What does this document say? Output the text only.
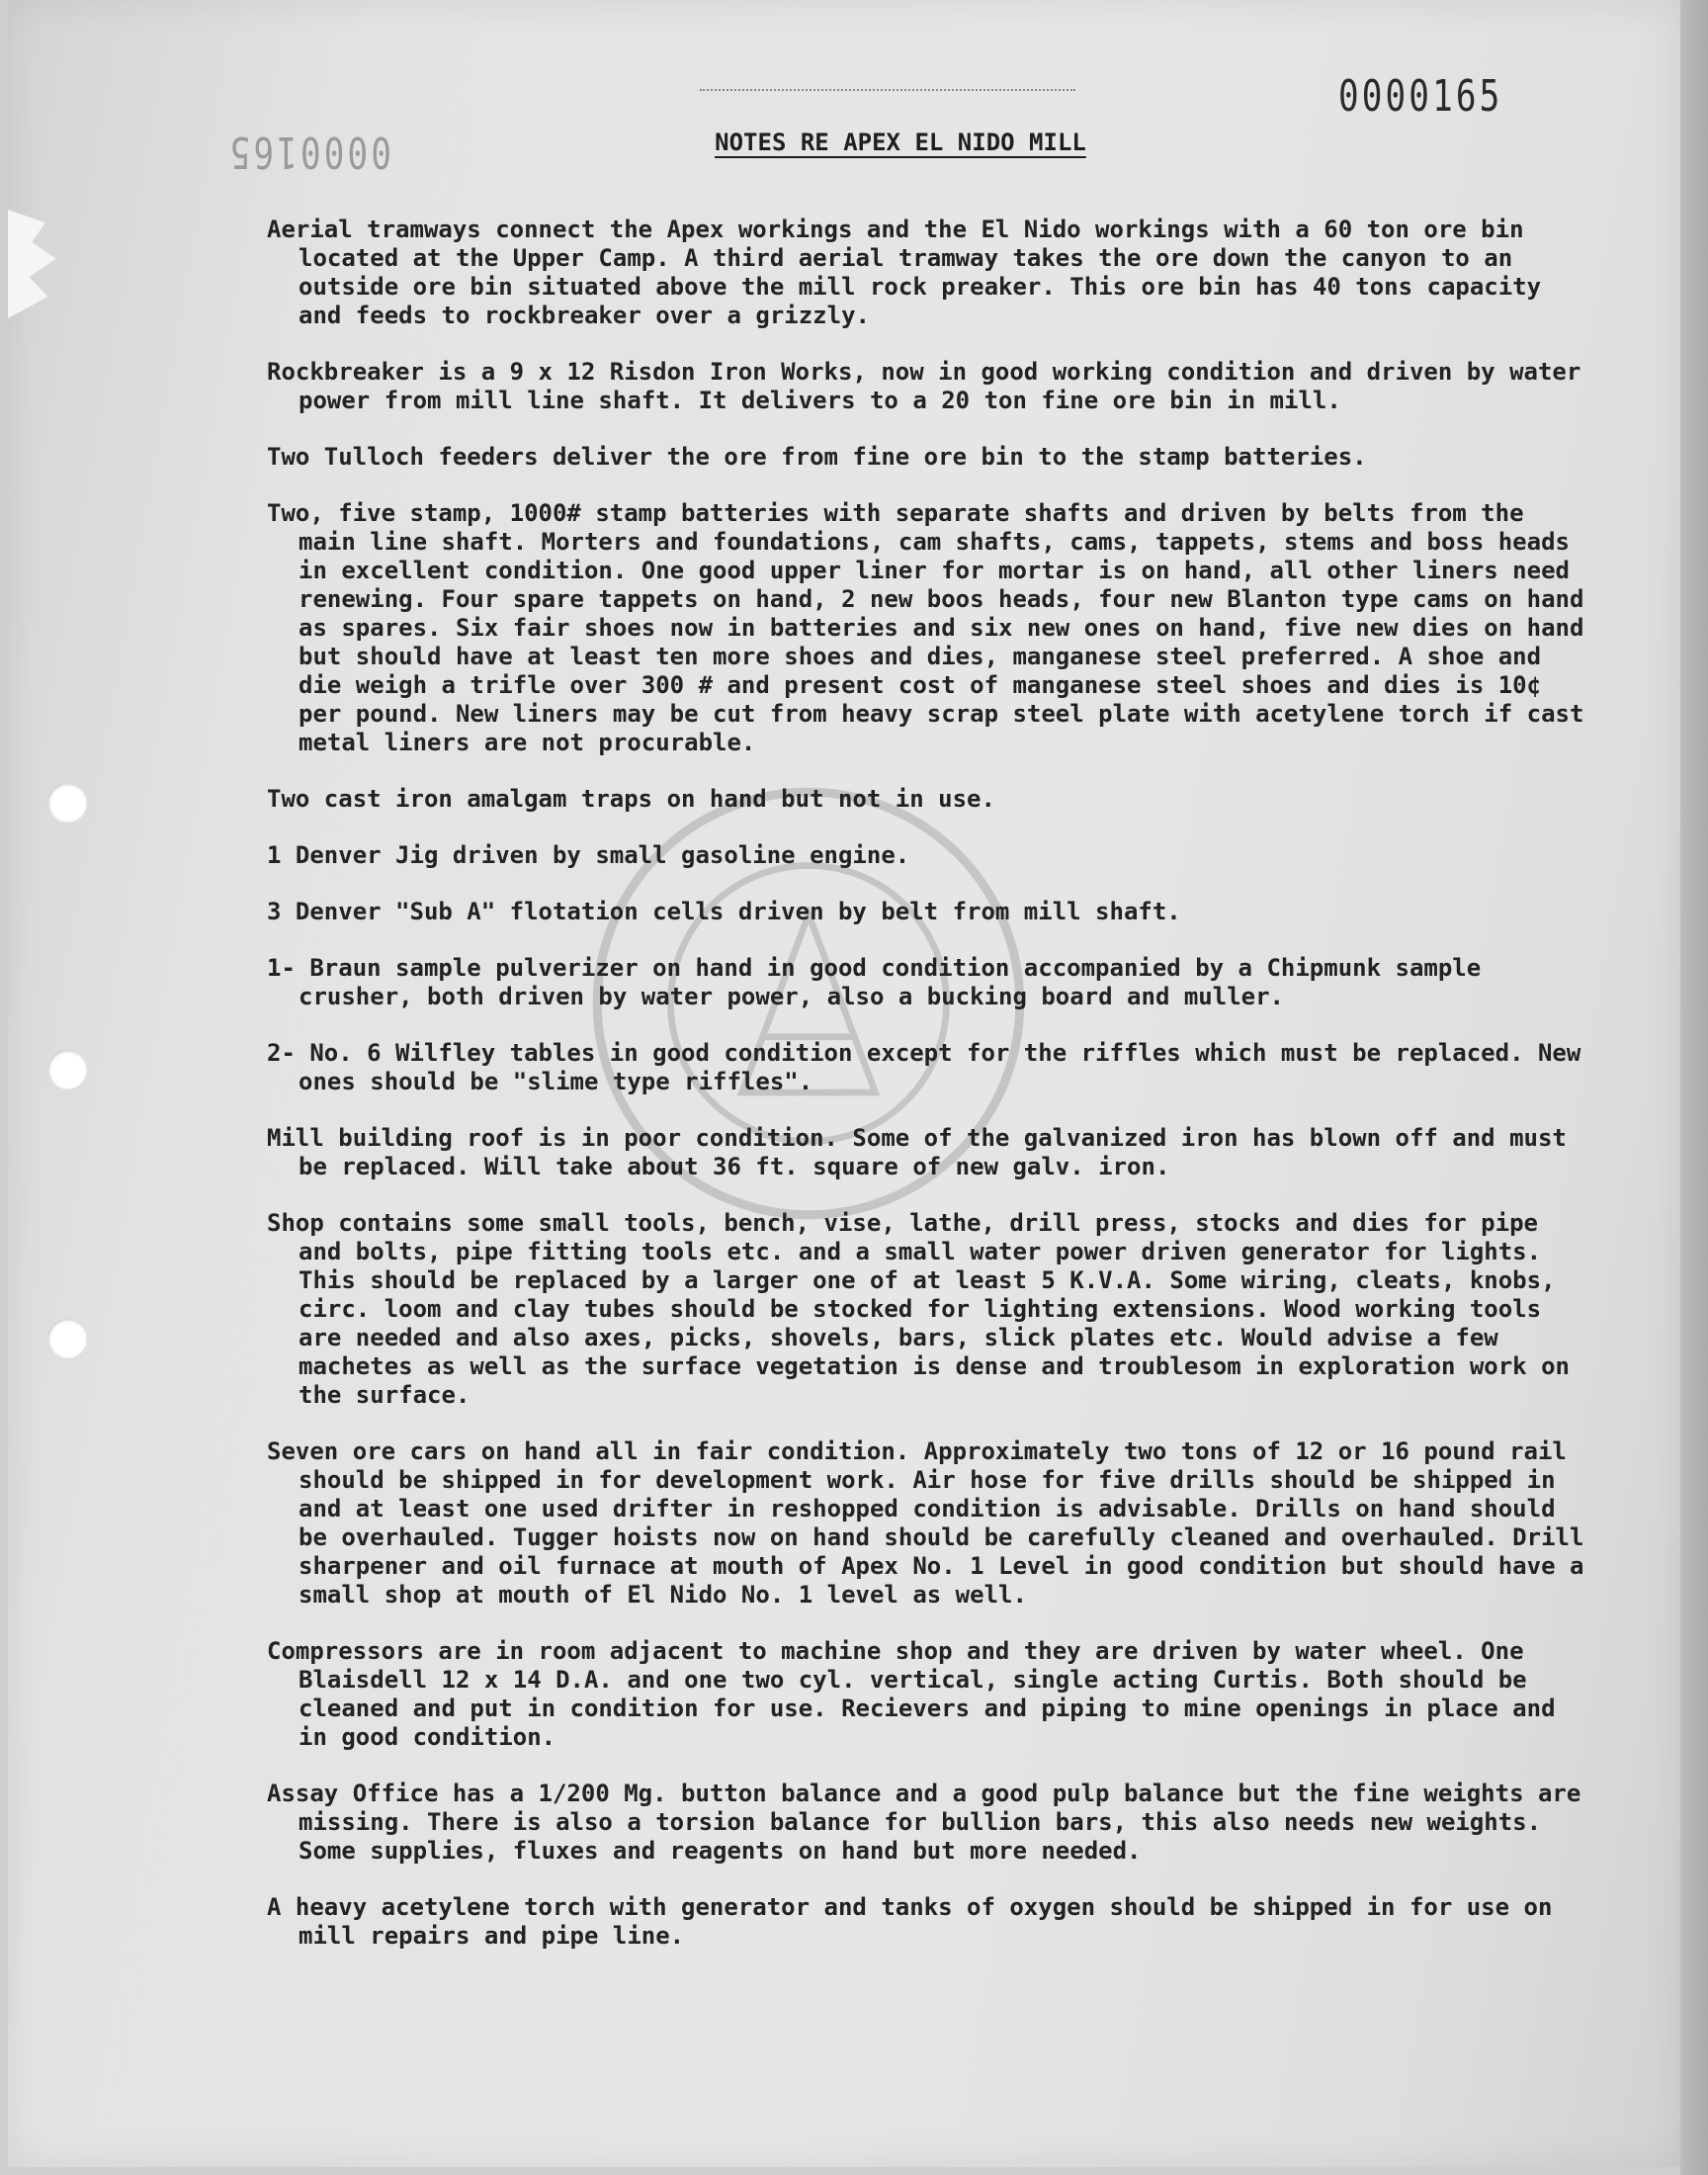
0000165
0000165	NOTES RE APEX EL NIDO MILL

Aerial tramways connect the Apex workings and the El Nido workings with a 60 ton ore bin located at the Upper Camp. A third aerial tramway takes the ore down the canyon to an outside ore bin situated above the mill rock preaker. This ore bin has 40 tons capacity and feeds to rockbreaker over a grizzly.

Rockbreaker is a 9 x 12 Risdon Iron Works, now in good working condition and driven by water power from mill line shaft. It delivers to a 20 ton fine ore bin in mill.

Two Tulloch feeders deliver the ore from fine ore bin to the stamp batteries.

Two, five stamp, 1000# stamp batteries with separate shafts and driven by belts from the main line shaft. Morters and foundations, cam shafts, cams, tappets, stems and boss heads in excellent condition. One good upper liner for mortar is on hand, all other liners need renewing. Four spare tappets on hand, 2 new boos heads, four new Blanton type cams on hand as spares. Six fair shoes now in batteries and six new ones on hand, five new dies on hand but should have at least ten more shoes and dies, manganese steel preferred. A shoe and die weigh a trifle over 300 # and present cost of manganese steel shoes and dies is 10¢ per pound. New liners may be cut from heavy scrap steel plate with acetylene torch if cast metal liners are not procurable.

Two cast iron amalgam traps on hand but not in use.

1 Denver Jig driven by small gasoline engine.

3 Denver "Sub A" flotation cells driven by belt from mill shaft.

1- Braun sample pulverizer on hand in good condition accompanied by a Chipmunk sample crusher, both driven by water power, also a bucking board and muller.

2- No. 6 Wilfley tables in good condition except for the riffles which must be replaced. New ones should be "slime type riffles".

Mill building roof is in poor condition. Some of the galvanized iron has blown off and must be replaced. Will take about 36 ft. square of new galv. iron.

Shop contains some small tools, bench, vise, lathe, drill press, stocks and dies for pipe and bolts, pipe fitting tools etc. and a small water power driven generator for lights. This should be replaced by a larger one of at least 5 K.V.A. Some wiring, cleats, knobs, circ. loom and clay tubes should be stocked for lighting extensions. Wood working tools are needed and also axes, picks, shovels, bars, slick plates etc. Would advise a few machetes as well as the surface vegetation is dense and troublesom in exploration work on the surface.

Seven ore cars on hand all in fair condition. Approximately two tons of 12 or 16 pound rail should be shipped in for development work. Air hose for five drills should be shipped in and at least one used drifter in reshopped condition is advisable. Drills on hand should be overhauled. Tugger hoists now on hand should be carefully cleaned and overhauled. Drill sharpener and oil furnace at mouth of Apex No. 1 Level in good condition but should have a small shop at mouth of El Nido No. 1 level as well.

Compressors are in room adjacent to machine shop and they are driven by water wheel. One Blaisdell 12 x 14 D.A. and one two cyl. vertical, single acting Curtis. Both should be cleaned and put in condition for use. Recievers and piping to mine openings in place and in good condition.

Assay Office has a 1/200 Mg. button balance and a good pulp balance but the fine weights are missing. There is also a torsion balance for bullion bars, this also needs new weights. Some supplies, fluxes and reagents on hand but more needed.

A heavy acetylene torch with generator and tanks of oxygen should be shipped in for use on mill repairs and pipe line.
